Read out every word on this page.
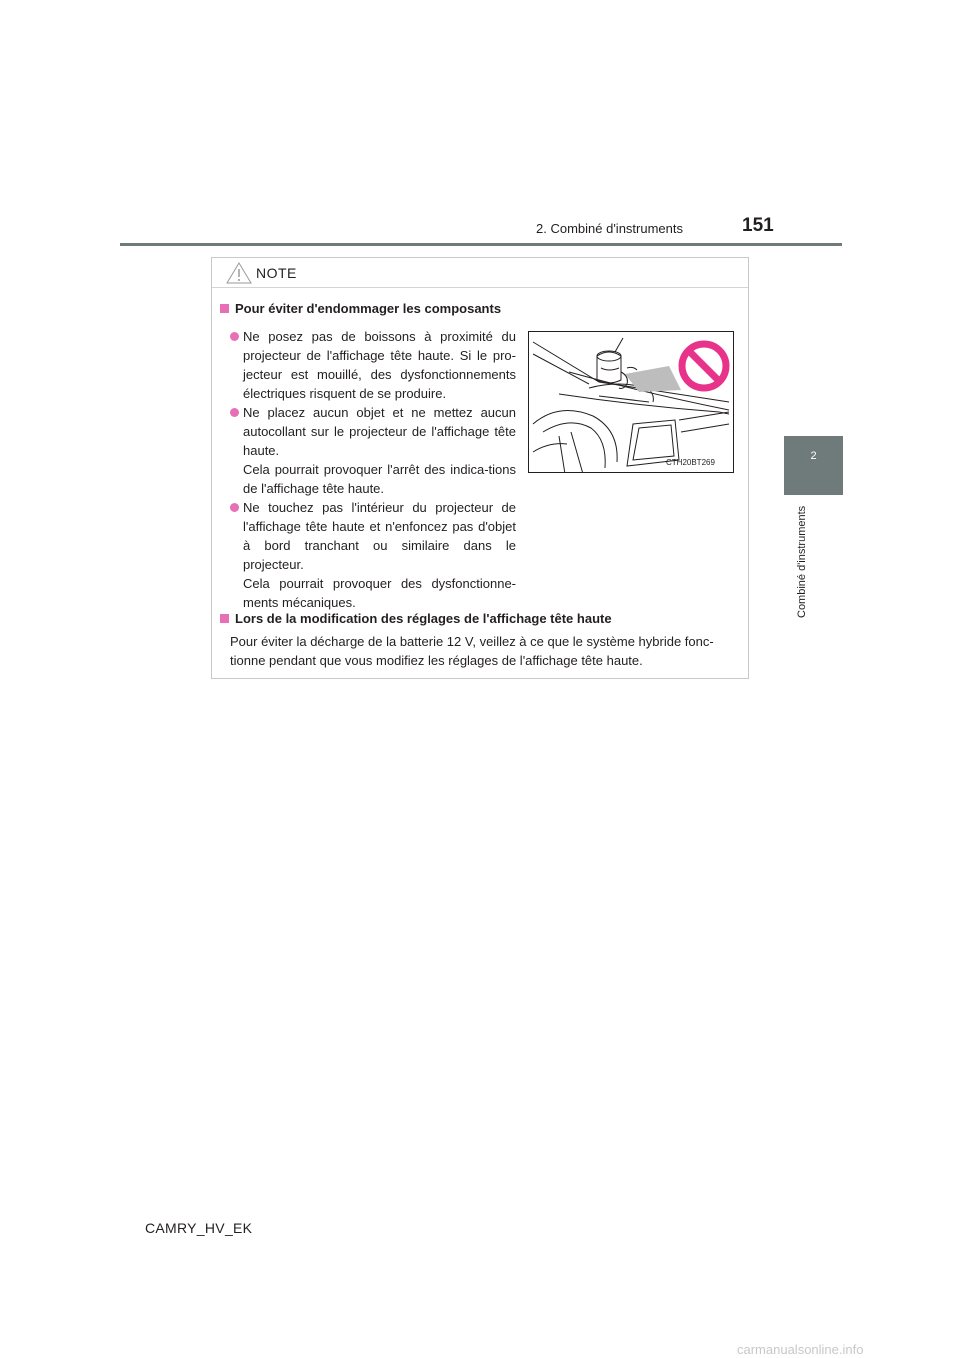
2. Combiné d'instruments	151
2
Combiné d'instruments
NOTE
Pour éviter d'endommager les composants
Ne posez pas de boissons à proximité du projecteur de l'affichage tête haute. Si le pro-jecteur est mouillé, des dysfonctionnements électriques risquent de se produire.
Ne placez aucun objet et ne mettez aucun autocollant sur le projecteur de l'affichage tête haute.
Cela pourrait provoquer l'arrêt des indica-tions de l'affichage tête haute.
Ne touchez pas l'intérieur du projecteur de l'affichage tête haute et n'enfoncez pas d'objet à bord tranchant ou similaire dans le projecteur.
Cela pourrait provoquer des dysfonctionne-ments mécaniques.
CTH20BT269
Lors de la modification des réglages de l'affichage tête haute
Pour éviter la décharge de la batterie 12 V, veillez à ce que le système hybride fonc-tionne pendant que vous modifiez les réglages de l'affichage tête haute.
CAMRY_HV_EK
carmanualsonline.info
